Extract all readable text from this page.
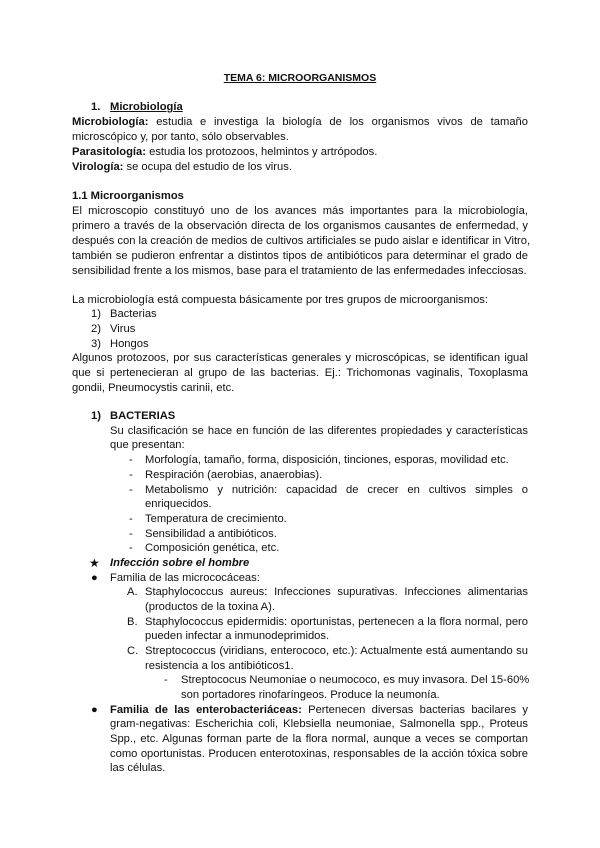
TEMA 6: MICROORGANISMOS
1. Microbiología
Microbiología: estudia e investiga la biología de los organismos vivos de tamaño
microscópico y, por tanto, sólo observables.
Parasitología: estudia los protozoos, helmintos y artrópodos.
Virología: se ocupa del estudio de los virus.
1.1 Microorganismos
El microscopio constituyó uno de los avances más importantes para la microbiología,
primero a través de la observación directa de los organismos causantes de enfermedad, y
después con la creación de medios de cultivos artificiales se pudo aislar e identificar in Vitro,
también se pudieron enfrentar a distintos tipos de antibióticos para determinar el grado de
sensibilidad frente a los mismos, base para el tratamiento de las enfermedades infecciosas.
La microbiología está compuesta básicamente por tres grupos de microorganismos:
1) Bacterias
2) Virus
3) Hongos
Algunos protozoos, por sus características generales y microscópicas, se identifican igual
que si pertenecieran al grupo de las bacterias. Ej.: Trichomonas vaginalis, Toxoplasma
gondii, Pneumocystis carinii, etc.
1) BACTERIAS
Su clasificación se hace en función de las diferentes propiedades y características
que presentan:
- Morfología, tamaño, forma, disposición, tinciones, esporas, movilidad etc.
- Respiración (aerobias, anaerobias).
- Metabolismo y nutrición: capacidad de crecer en cultivos simples o
enriquecidos.
- Temperatura de crecimiento.
- Sensibilidad a antibióticos.
- Composición genética, etc.
★ Infección sobre el hombre
● Familia de las micrococáceas:
A. Staphylococcus aureus: Infecciones supurativas. Infecciones alimentarias
(productos de la toxina A).
B. Staphylococcus epidermidis: oportunistas, pertenecen a la flora normal, pero
pueden infectar a inmunodeprimidos.
C. Streptococcus (viridians, enterococo, etc.): Actualmente está aumentando su
resistencia a los antibióticos1.
- Streptococus Neumoniae o neumococo, es muy invasora. Del 15-60%
son portadores rinofaríngeos. Produce la neumonía.
● Familia de las enterobacteriáceas: Pertenecen diversas bacterias bacilares y
gram-negativas: Escherichia coli, Klebsiella neumoniae, Salmonella spp., Proteus
Spp., etc. Algunas forman parte de la flora normal, aunque a veces se comportan
como oportunistas. Producen enterotoxinas, responsables de la acción tóxica sobre
las células.
